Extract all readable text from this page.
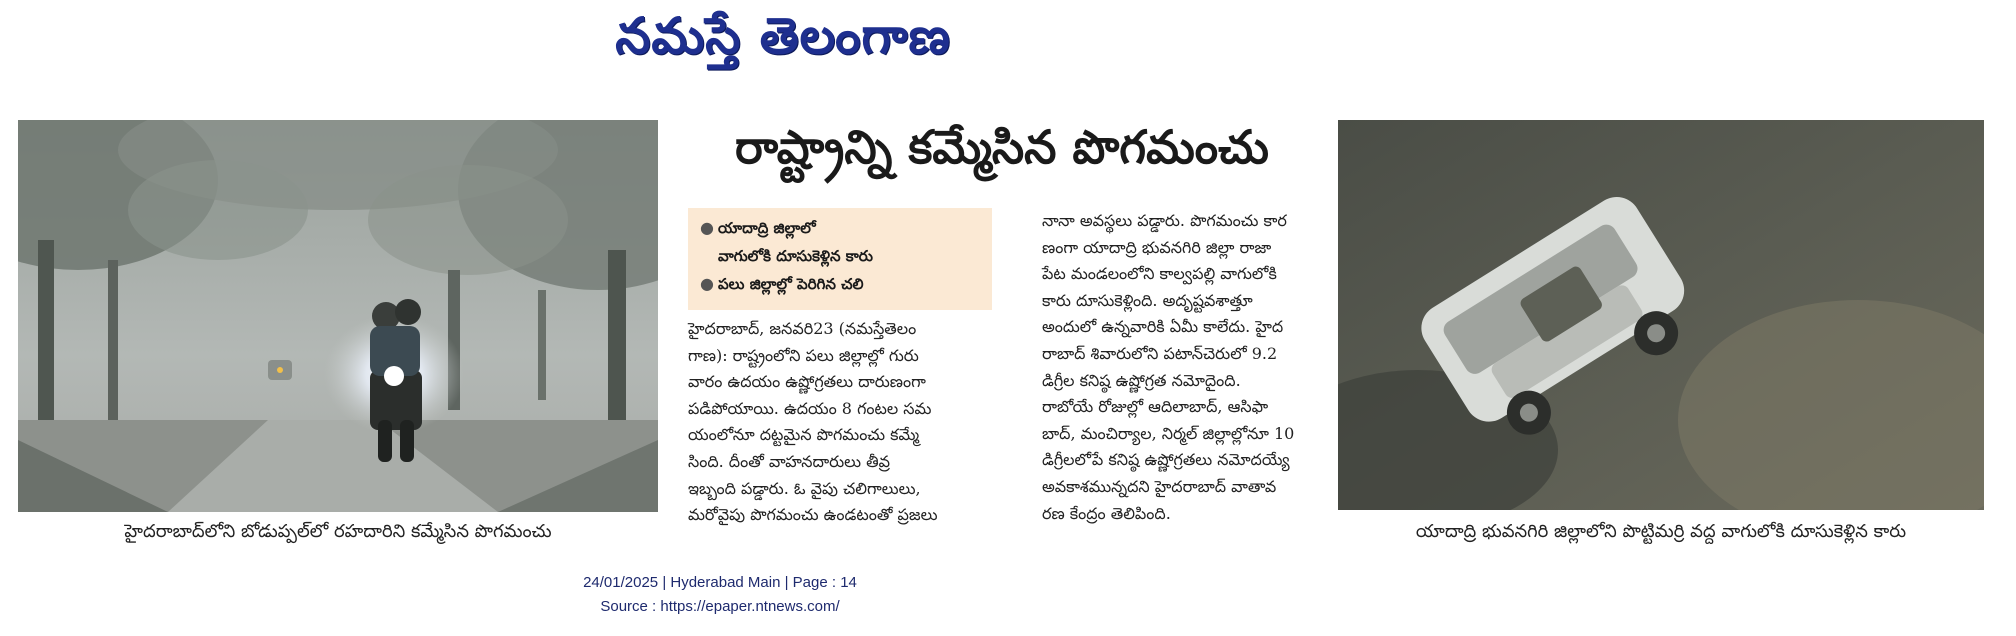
నమస్తే తెలంగాణ
హైదరాబాద్‌లోని బోడుప్పల్‌లో రహదారిని కమ్మేసిన పొగమంచు
రాష్ట్రాన్ని కమ్మేసిన పొగమంచు
● యాదాద్రి జిల్లాలో
వాగులోకి దూసుకెళ్లిన కారు
● పలు జిల్లాల్లో పెరిగిన చలి

హైదరాబాద్, జనవరి23 (నమస్తేతెలం

గాణ): రాష్ట్రంలోని పలు జిల్లాల్లో గురు

వారం ఉదయం ఉష్ణోగ్రతలు దారుణంగా

పడిపోయాయి. ఉదయం 8 గంటల సమ

యంలోనూ దట్టమైన పొగమంచు కమ్మే

సింది. దీంతో వాహనదారులు తీవ్ర

ఇబ్బంది పడ్డారు. ఓ వైపు చలిగాలులు,

మరోవైపు పొగమంచు ఉండటంతో ప్రజలు

నానా అవస్థలు పడ్డారు. పొగమంచు కార

ణంగా యాదాద్రి భువనగిరి జిల్లా రాజా

పేట మండలంలోని కాల్వపల్లి వాగులోకి

కారు దూసుకెళ్లింది. అదృష్టవశాత్తూ

అందులో ఉన్నవారికి ఏమీ కాలేదు. హైద

రాబాద్ శివారులోని పటాన్‌చెరులో 9.2

డిగ్రీల కనిష్ఠ ఉష్ణోగ్రత నమోదైంది.

రాబోయే రోజుల్లో ఆదిలాబాద్, ఆసిఫా

బాద్, మంచిర్యాల, నిర్మల్ జిల్లాల్లోనూ 10

డిగ్రీలలోపే కనిష్ఠ ఉష్ణోగ్రతలు నమోదయ్యే

అవకాశమున్నదని హైదరాబాద్ వాతావ

రణ కేంద్రం తెలిపింది.

యాదాద్రి భువనగిరి జిల్లాలోని పొట్టిమర్రి వద్ద వాగులోకి దూసుకెళ్లిన కారు
24/01/2025 | Hyderabad Main | Page : 14
Source : https://epaper.ntnews.com/
